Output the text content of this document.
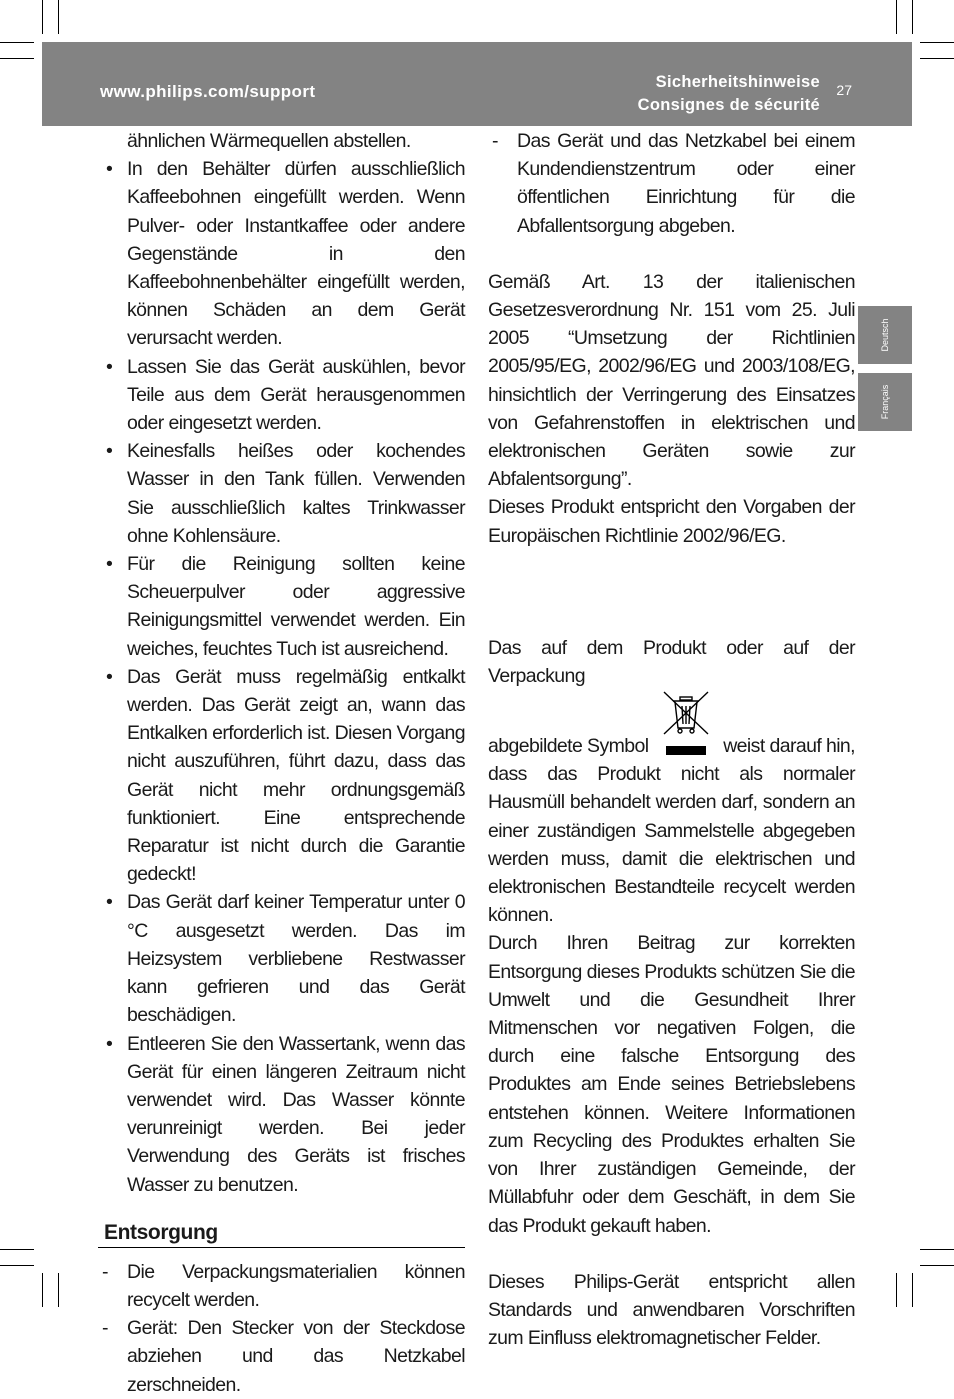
www.philips.com/support	Sicherheitshinweise
Consignes de sécurité
27
Deutsch
Français
ähnlichen Wärmequellen abstellen.
• In den Behälter dürfen ausschließlich Kaffeebohnen eingefüllt werden. Wenn Pulver- oder Instantkaffee oder andere Gegenstände in den Kaffeebohnenbehälter eingefüllt werden, können Schäden an dem Gerät verursacht werden.
• Lassen Sie das Gerät auskühlen, bevor Teile aus dem Gerät herausgenommen oder eingesetzt werden.
• Keinesfalls heißes oder kochendes Wasser in den Tank füllen. Verwenden Sie ausschließlich kaltes Trinkwasser ohne Kohlensäure.
• Für die Reinigung sollten keine Scheuerpulver oder aggressive Reinigungsmittel verwendet werden. Ein weiches, feuchtes Tuch ist ausreichend.
• Das Gerät muss regelmäßig entkalkt werden. Das Gerät zeigt an, wann das Entkalken erforderlich ist. Diesen Vorgang nicht auszuführen, führt dazu, dass das Gerät nicht mehr ordnungsgemäß funktioniert. Eine entsprechende Reparatur ist nicht durch die Garantie gedeckt!
• Das Gerät darf keiner Temperatur unter 0 °C ausgesetzt werden. Das im Heizsystem verbliebene Restwasser kann gefrieren und das Gerät beschädigen.
• Entleeren Sie den Wassertank, wenn das Gerät für einen längeren Zeitraum nicht verwendet wird. Das Wasser könnte verunreinigt werden. Bei jeder Verwendung des Geräts ist frisches Wasser zu benutzen.
Entsorgung
- Die Verpackungsmaterialien können recycelt werden.
- Gerät: Den Stecker von der Steckdose abziehen und das Netzkabel zerschneiden.
- Das Gerät und das Netzkabel bei einem Kundendienstzentrum oder einer öffentlichen Einrichtung für die Abfallentsorgung abgeben.

Gemäß Art. 13 der italienischen Gesetzesverordnung Nr. 151 vom 25. Juli 2005 “Umsetzung der Richtlinien 2005/95/EG, 2002/96/EG und 2003/108/EG, hinsichtlich der Verringerung des Einsatzes von Gefahrenstoffen in elektrischen und elektronischen Geräten sowie zur Abfalentsorgung”.

Dieses Produkt entspricht den Vorgaben der Europäischen Richtlinie 2002/96/EG.

Das auf dem Produkt oder auf der Verpackung

abgebildete Symbol	weist darauf hin,

dass das Produkt nicht als normaler Hausmüll behandelt werden darf, sondern an einer zuständigen Sammelstelle abgegeben werden muss, damit die elektrischen und elektronischen Bestandteile recycelt werden können.

Durch Ihren Beitrag zur korrekten Entsorgung dieses Produkts schützen Sie die Umwelt und die Gesundheit Ihrer Mitmenschen vor negativen Folgen, die durch eine falsche Entsorgung des Produktes am Ende seines Betriebslebens entstehen können. Weitere Informationen zum Recycling des Produktes erhalten Sie von Ihrer zuständigen Gemeinde, der Müllabfuhr oder dem Geschäft, in dem Sie das Produkt gekauft haben.

Dieses Philips-Gerät entspricht allen Standards und anwendbaren Vorschriften zum Einfluss elektromagnetischer Felder.
